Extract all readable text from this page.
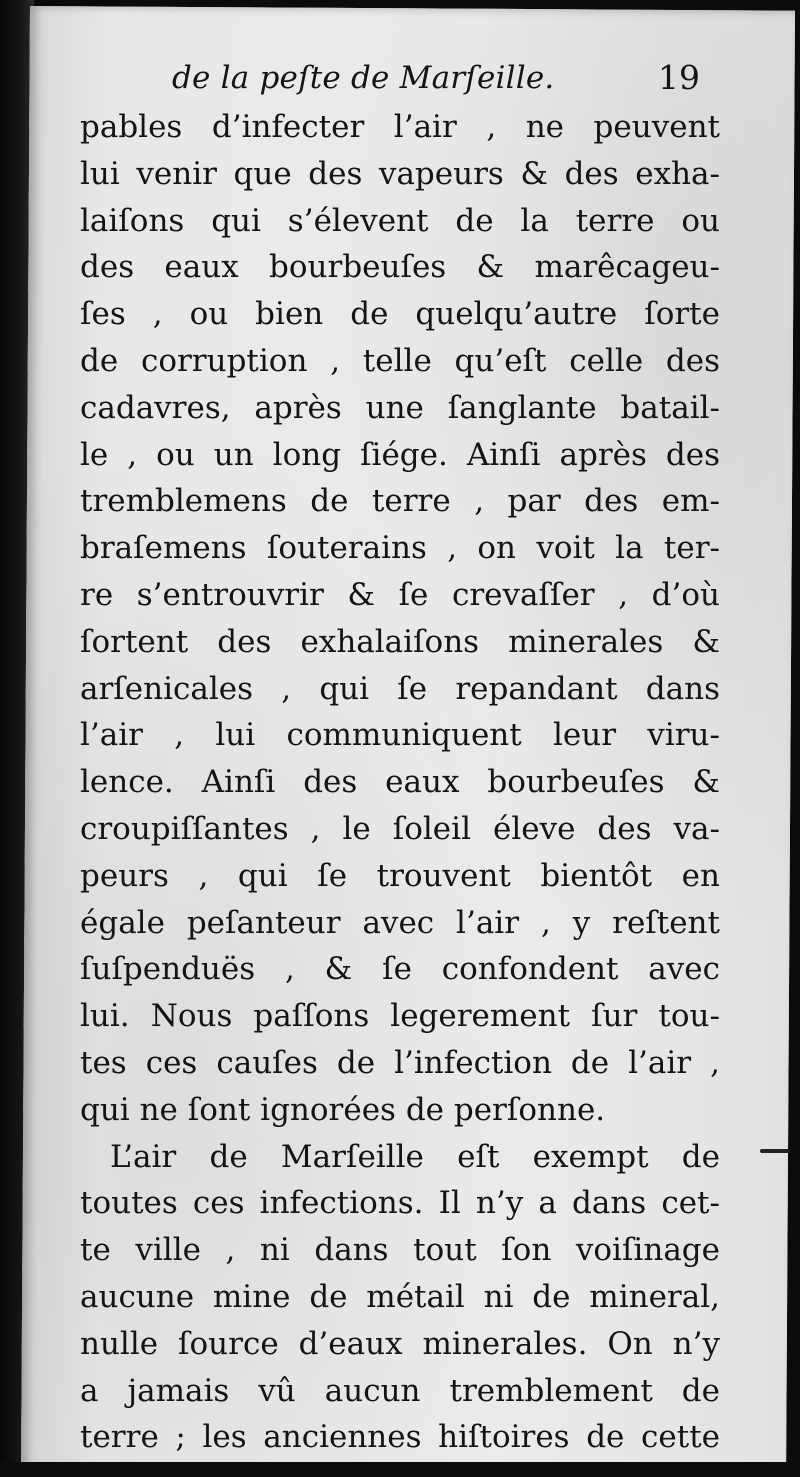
de la peſte de Marſeille.	19
pables d’infecter l’air , ne peuvent
lui venir que des vapeurs & des exha-
laiſons qui s’élevent de la terre ou
des eaux bourbeuſes & marêcageu-
ſes , ou bien de quelqu’autre ſorte
de corruption , telle qu’eſt celle des
cadavres, après une ſanglante batail-
le , ou un long ſiége. Ainſi après des
tremblemens de terre , par des em-
braſemens ſouterains , on voit la ter-
re s’entrouvrir & ſe crevaſſer , d’où
ſortent des exhalaiſons minerales &
arſenicales , qui ſe repandant dans
l’air , lui communiquent leur viru-
lence. Ainſi des eaux bourbeuſes &
croupiſſantes , le ſoleil éleve des va-
peurs , qui ſe trouvent bientôt en
égale peſanteur avec l’air , y reſtent
ſuſpenduës , & ſe confondent avec
lui. Nous paſſons legerement ſur tou-
tes ces cauſes de l’infection de l’air ,
qui ne ſont ignorées de perſonne.
L’air de Marſeille eſt exempt de
toutes ces infections. Il n’y a dans cet-
te ville , ni dans tout ſon voiſinage
aucune mine de métail ni de mineral,
nulle ſource d’eaux minerales. On n’y
a jamais vû aucun tremblement de
terre ; les anciennes hiſtoires de cette
